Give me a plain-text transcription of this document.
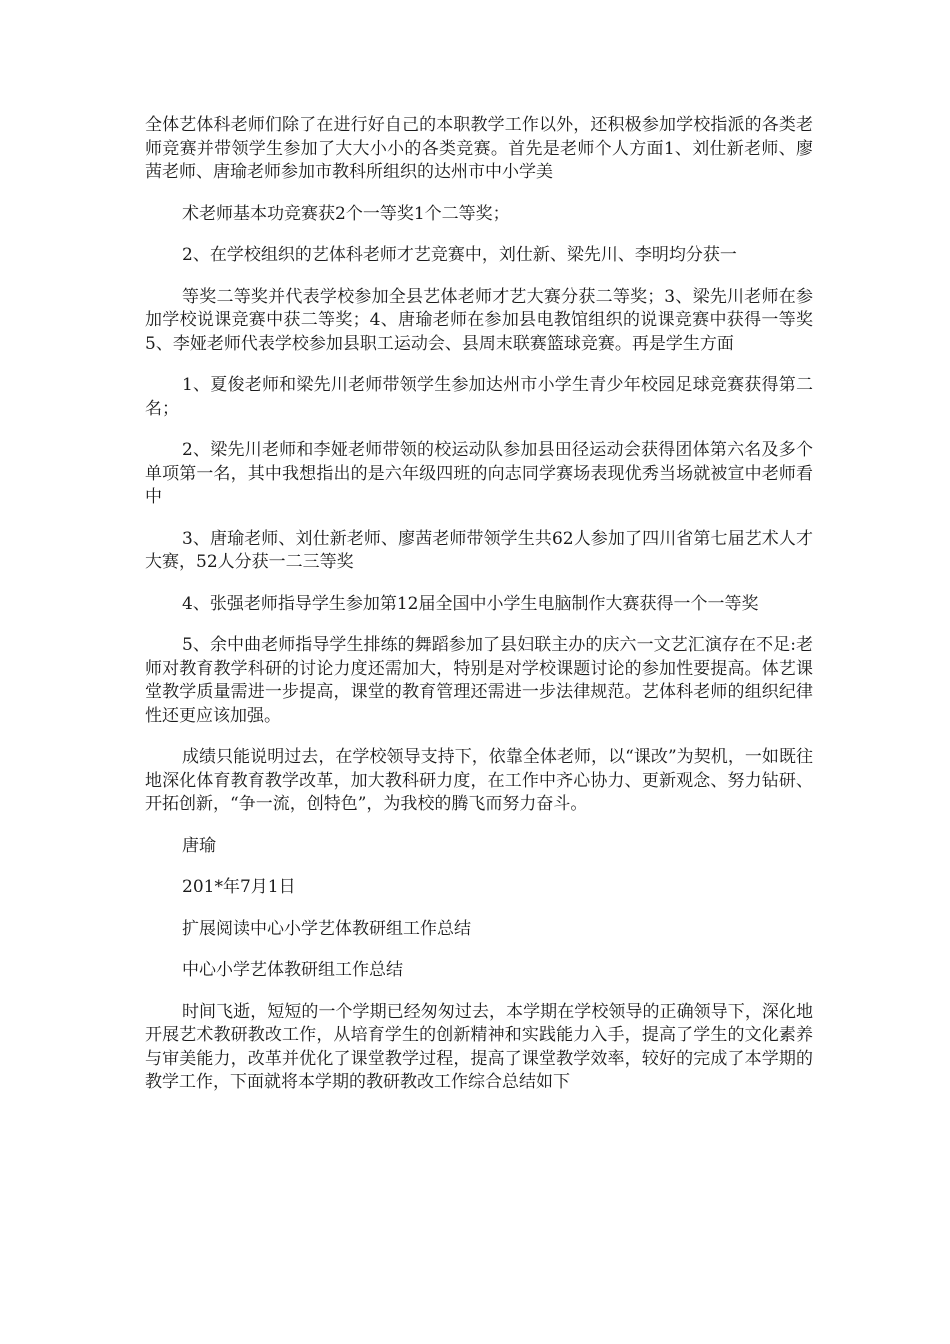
全体艺体科老师们除了在进行好自己的本职教学工作以外，还积极参加学校指派的各类老师竞赛并带领学生参加了大大小小的各类竞赛。首先是老师个人方面1、刘仕新老师、廖茜老师、唐瑜老师参加市教科所组织的达州市中小学美

术老师基本功竞赛获2个一等奖1个二等奖；

2、在学校组织的艺体科老师才艺竞赛中，刘仕新、梁先川、李明均分获一

等奖二等奖并代表学校参加全县艺体老师才艺大赛分获二等奖；3、梁先川老师在参加学校说课竞赛中获二等奖；4、唐瑜老师在参加县电教馆组织的说课竞赛中获得一等奖5、李娅老师代表学校参加县职工运动会、县周末联赛篮球竞赛。再是学生方面

1、夏俊老师和梁先川老师带领学生参加达州市小学生青少年校园足球竞赛获得第二名；

2、梁先川老师和李娅老师带领的校运动队参加县田径运动会获得团体第六名及多个单项第一名，其中我想指出的是六年级四班的向志同学赛场表现优秀当场就被宣中老师看中

3、唐瑜老师、刘仕新老师、廖茜老师带领学生共62人参加了四川省第七届艺术人才大赛，52人分获一二三等奖

4、张强老师指导学生参加第12届全国中小学生电脑制作大赛获得一个一等奖

5、余中曲老师指导学生排练的舞蹈参加了县妇联主办的庆六一文艺汇演存在不足:老师对教育教学科研的讨论力度还需加大，特别是对学校课题讨论的参加性要提高。体艺课堂教学质量需进一步提高，课堂的教育管理还需进一步法律规范。艺体科老师的组织纪律性还更应该加强。

成绩只能说明过去，在学校领导支持下，依靠全体老师，以“课改”为契机，一如既往地深化体育教育教学改革，加大教科研力度，在工作中齐心协力、更新观念、努力钻研、开拓创新，“争一流，创特色”，为我校的腾飞而努力奋斗。

唐瑜

201*年7月1日

扩展阅读中心小学艺体教研组工作总结

中心小学艺体教研组工作总结

时间飞逝，短短的一个学期已经匆匆过去，本学期在学校领导的正确领导下，深化地开展艺术教研教改工作，从培育学生的创新精神和实践能力入手，提高了学生的文化素养与审美能力，改革并优化了课堂教学过程，提高了课堂教学效率，较好的完成了本学期的教学工作，下面就将本学期的教研教改工作综合总结如下
